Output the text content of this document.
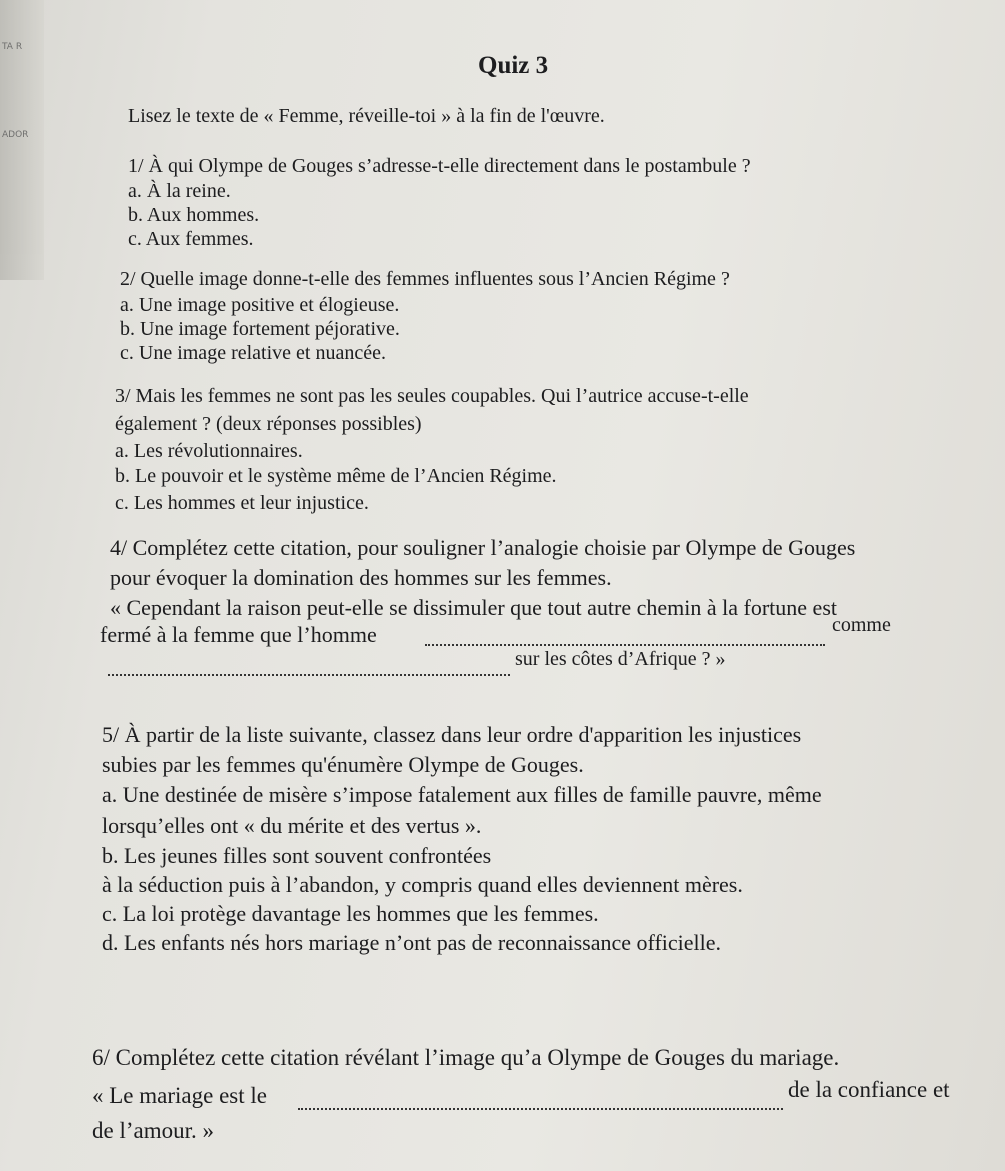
TA R
ADOR
Quiz 3
Lisez le texte de « Femme, réveille-toi » à la fin de l'œuvre.
1/ À qui Olympe de Gouges s’adresse-t-elle directement dans le postambule ?
a. À la reine.
b. Aux hommes.
c. Aux femmes.
2/ Quelle image donne-t-elle des femmes influentes sous l’Ancien Régime ?
a. Une image positive et élogieuse.
b. Une image fortement péjorative.
c. Une image relative et nuancée.
3/ Mais les femmes ne sont pas les seules coupables. Qui l’autrice accuse-t-elle
également ? (deux réponses possibles)
a. Les révolutionnaires.
b. Le pouvoir et le système même de l’Ancien Régime.
c. Les hommes et leur injustice.
4/ Complétez cette citation, pour souligner l’analogie choisie par Olympe de Gouges
pour évoquer la domination des hommes sur les femmes.
« Cependant la raison peut-elle se dissimuler que tout autre chemin à la fortune est
fermé à la femme que l’homme	comme
sur les côtes d’Afrique ? »
5/ À partir de la liste suivante, classez dans leur ordre d'apparition les injustices
subies par les femmes qu'énumère Olympe de Gouges.
a. Une destinée de misère s’impose fatalement aux filles de famille pauvre, même
lorsqu’elles ont « du mérite et des vertus ».
b. Les jeunes filles sont souvent confrontées
à la séduction puis à l’abandon, y compris quand elles deviennent mères.
c. La loi protège davantage les hommes que les femmes.
d. Les enfants nés hors mariage n’ont pas de reconnaissance officielle.
6/ Complétez cette citation révélant l’image qu’a Olympe de Gouges du mariage.
« Le mariage est le	de la confiance et
de l’amour. »
